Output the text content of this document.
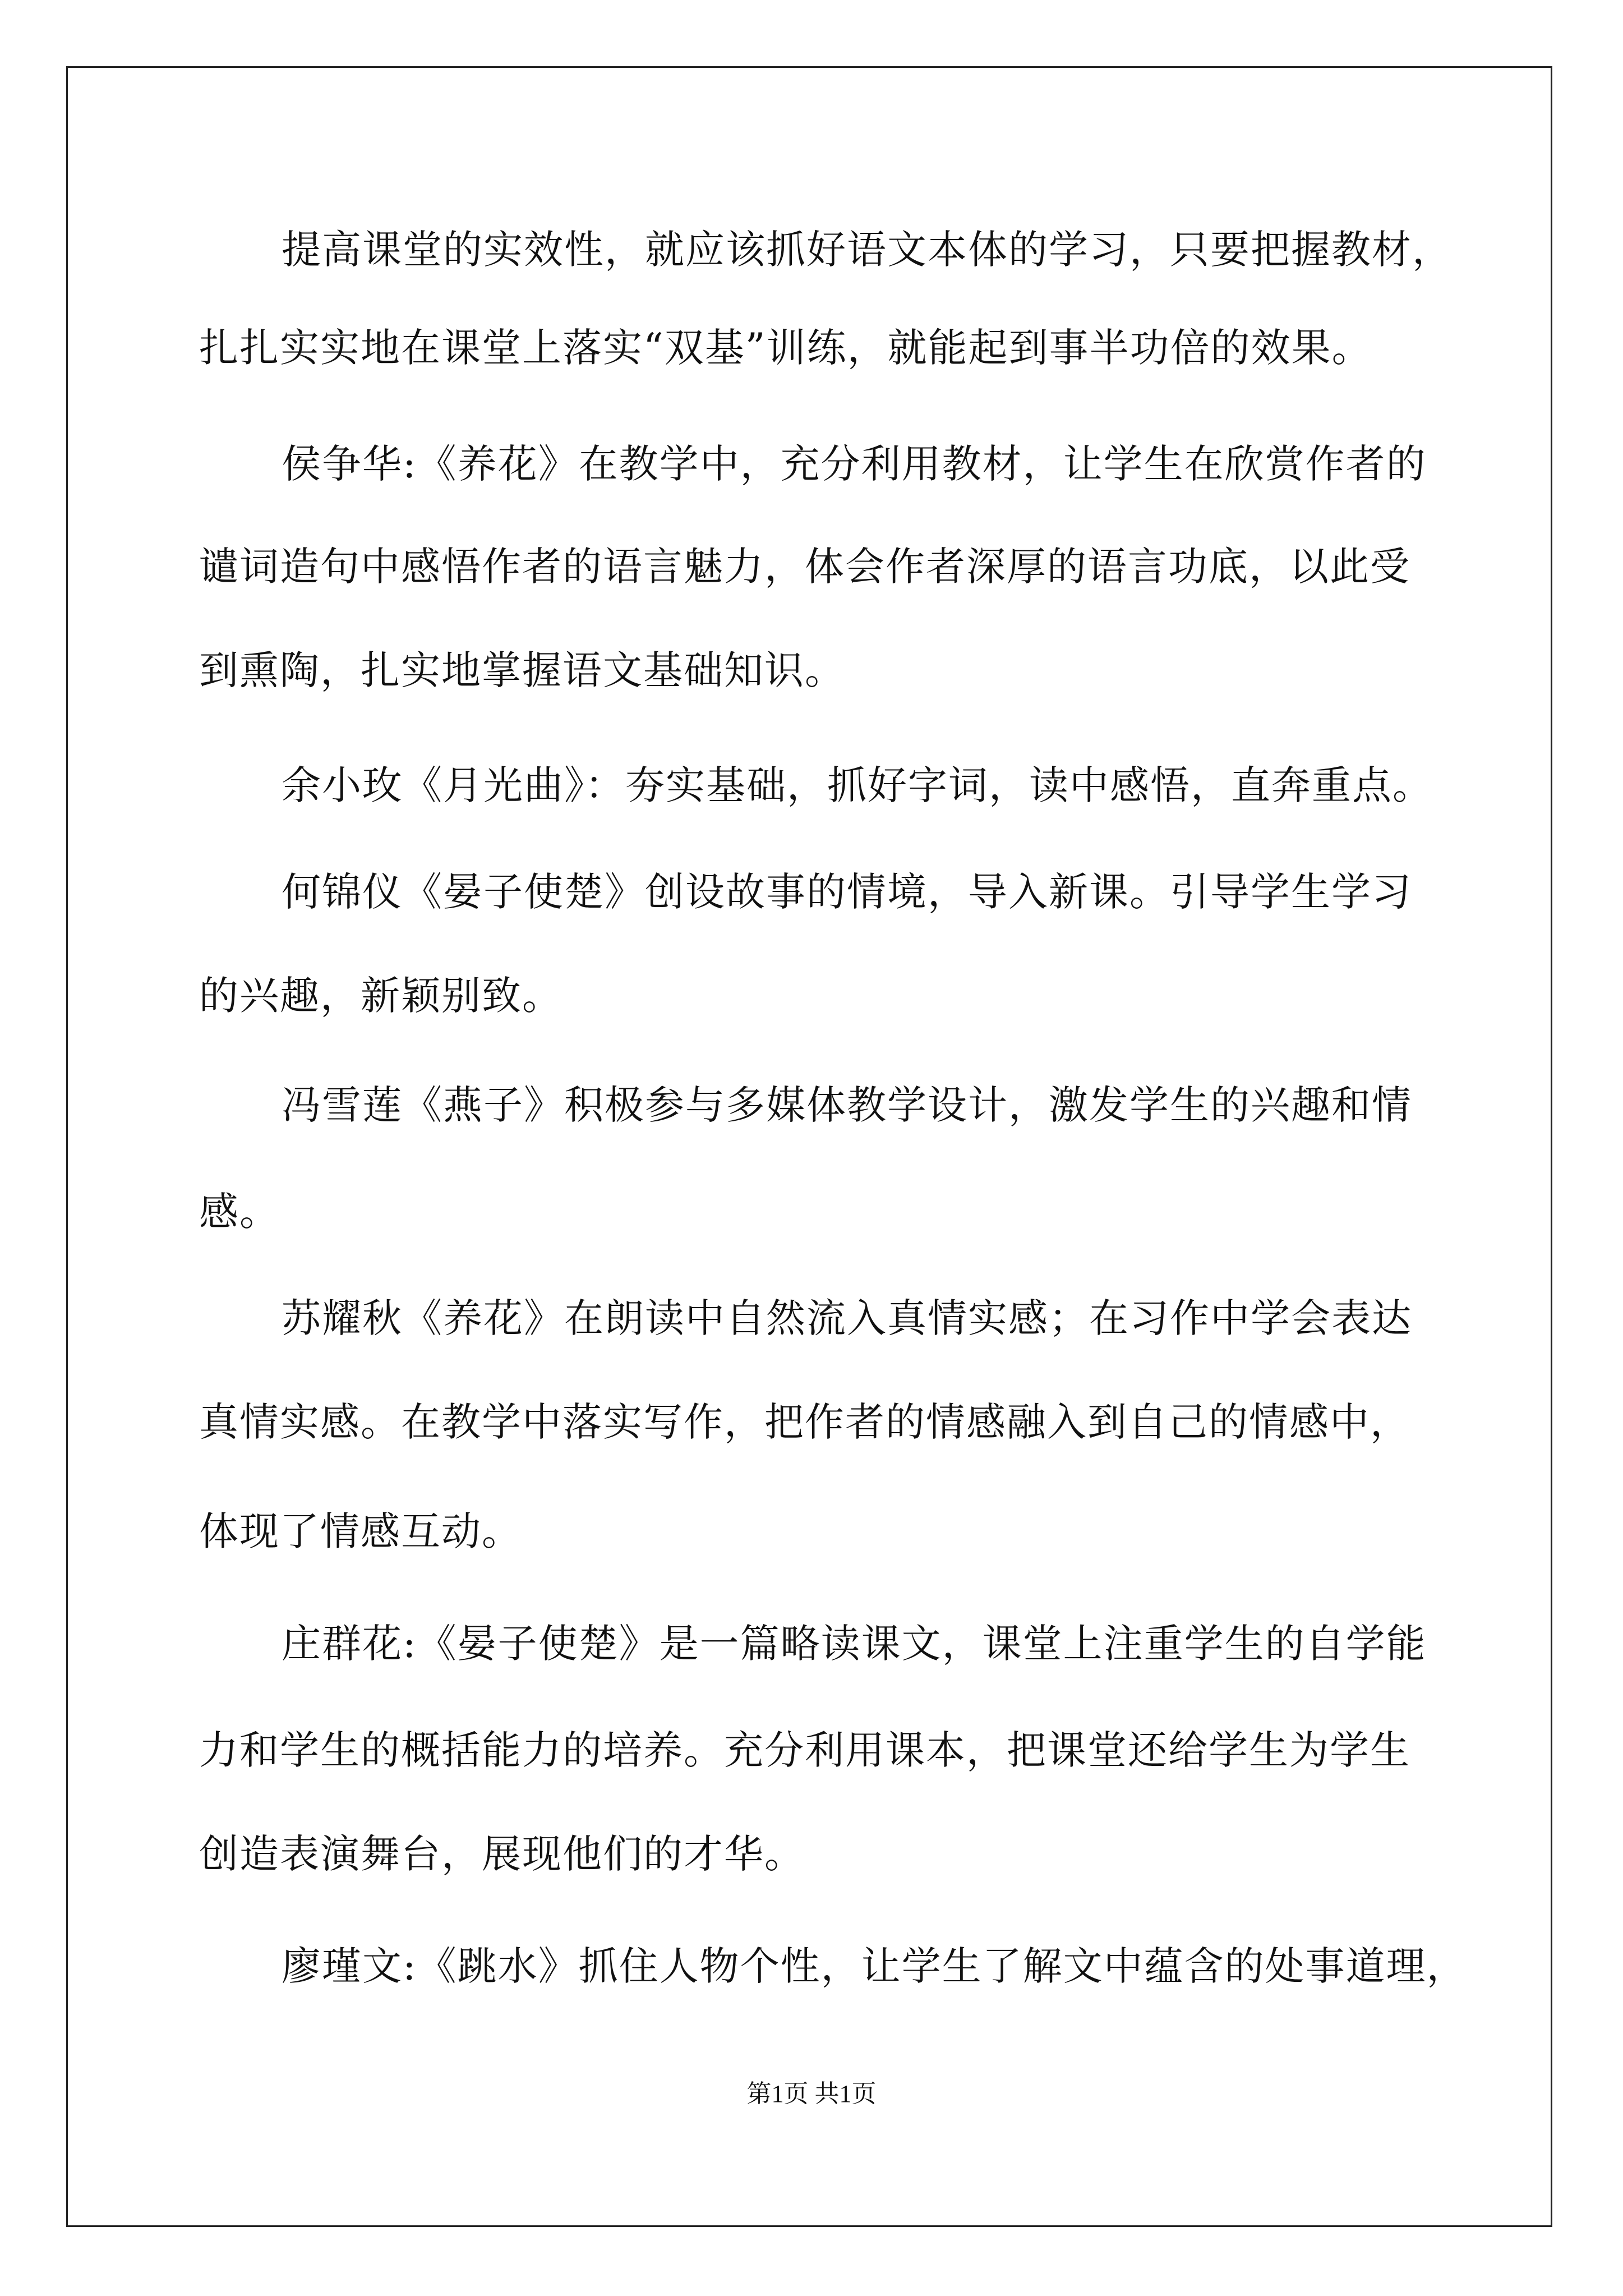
提高课堂的实效性，就应该抓好语文本体的学习，只要把握教材，
扎扎实实地在课堂上落实“双基”训练，就能起到事半功倍的效果。
侯争华:《养花》在教学中，充分利用教材，让学生在欣赏作者的
谴词造句中感悟作者的语言魅力，体会作者深厚的语言功底，以此受
到熏陶，扎实地掌握语文基础知识。
余小玫《月光曲》：夯实基础，抓好字词，读中感悟，直奔重点。
何锦仪《晏子使楚》创设故事的情境，导入新课。引导学生学习
的兴趣，新颖别致。
冯雪莲《燕子》积极参与多媒体教学设计，激发学生的兴趣和情
感。
苏耀秋《养花》在朗读中自然流入真情实感；在习作中学会表达
真情实感。在教学中落实写作，把作者的情感融入到自己的情感中，
体现了情感互动。
庄群花:《晏子使楚》是一篇略读课文，课堂上注重学生的自学能
力和学生的概括能力的培养。充分利用课本，把课堂还给学生为学生
创造表演舞台，展现他们的才华。
廖瑾文:《跳水》抓住人物个性，让学生了解文中蕴含的处事道理，
第1页 共1页
